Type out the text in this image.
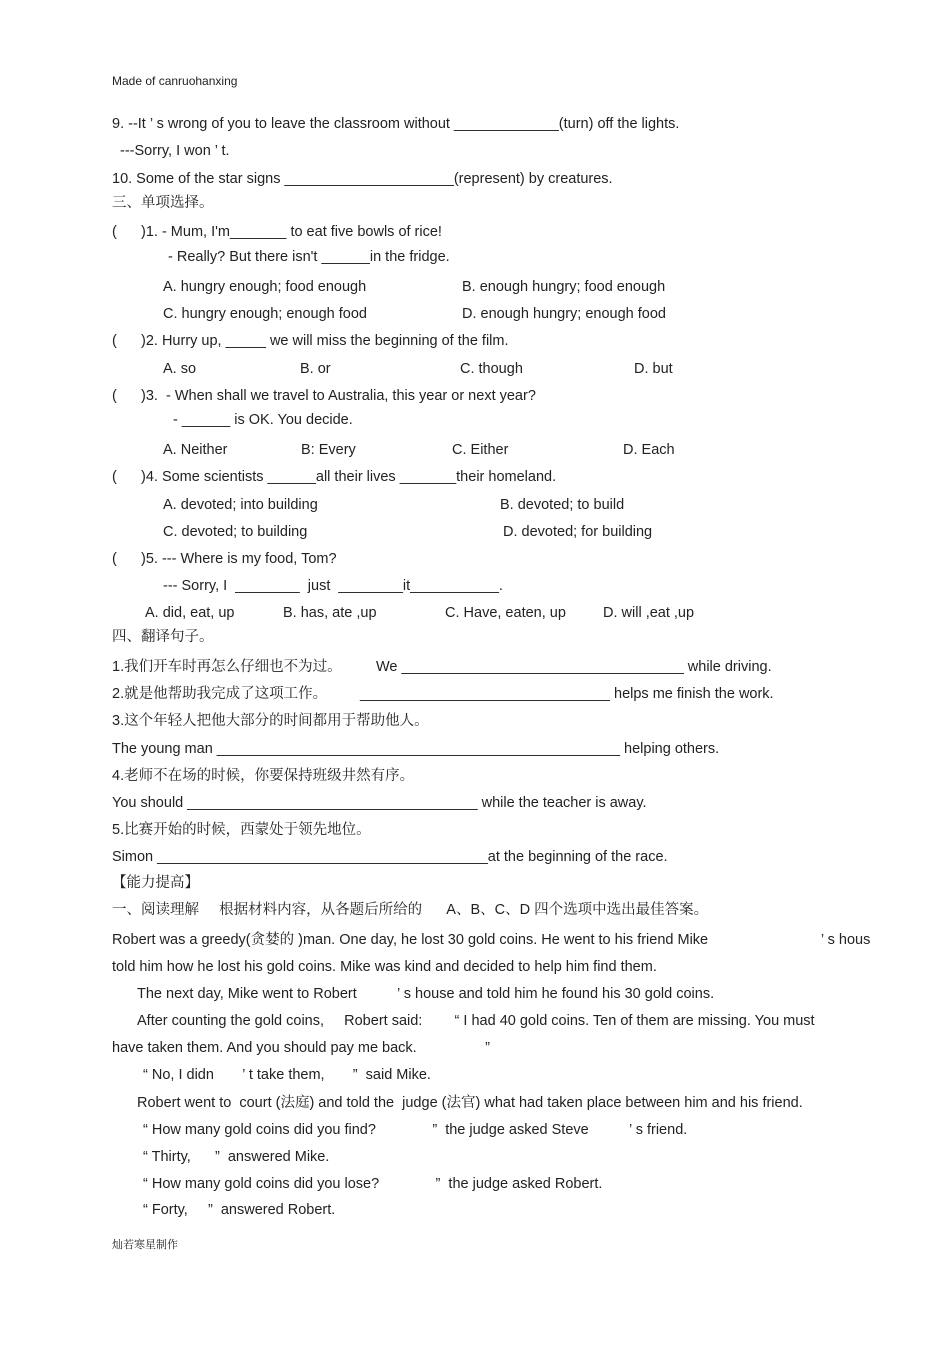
Made of canruohanxing
9. --It ’ s wrong of you to leave the classroom without _____________(turn) off the lights.
---Sorry, I won ’ t.
10. Some of the star signs _____________________(represent) by creatures.
三、单项选择。
(      )1. - Mum, I'm_______ to eat five bowls of rice!
- Really? But there isn't ______in the fridge.
A. hungry enough; food enough	B. enough hungry; food enough
C. hungry enough; enough food	D. enough hungry; enough food
(      )2. Hurry up, _____ we will miss the beginning of the film.
A. so	B. or	C. though	D. but
(      )3.  - When shall we travel to Australia, this year or next year?
- ______ is OK. You decide.
A. Neither	B: Every	C. Either	D. Each
(      )4. Some scientists ______all their lives _______their homeland.
A. devoted; into building	B. devoted; to build
C. devoted; to building	D. devoted; for building
(      )5. --- Where is my food, Tom?
--- Sorry, I  ________  just  ________it___________.
A. did, eat, up	B. has, ate ,up	C. Have, eaten, up	D. will ,eat ,up
四、翻译句子。
1.我们开车时再怎么仔细也不为过。 We ___________________________________ while driving.
2.就是他帮助我完成了这项工作。 _______________________________ helps me finish the work.
3.这个年轻人把他大部分的时间都用于帮助他人。
The young man __________________________________________________ helping others.
4.老师不在场的时候，你要保持班级井然有序。
You should ____________________________________ while the teacher is away.
5.比赛开始的时候，西蒙处于领先地位。
Simon _________________________________________at the beginning of the race.
【能力提高】
一、阅读理解     根据材料内容，从各题后所给的      A、B、C、D 四个选项中选出最佳答案。
Robert was a greedy(贪婪的 )man. One day, he lost 30 gold coins. He went to his friend Mike                            ’ s hous
told him how he lost his gold coins. Mike was kind and decided to help him find them.
The next day, Mike went to Robert          ’ s house and told him he found his 30 gold coins.
After counting the gold coins,     Robert said:        “ I had 40 gold coins. Ten of them are missing. You must
have taken them. And you should pay me back.                 ”
“ No, I didn       ’ t take them,       ”  said Mike.
Robert went to  court (法庭) and told the  judge (法官) what had taken place between him and his friend.
“ How many gold coins did you find?              ”  the judge asked Steve          ’ s friend.
“ Thirty,      ”  answered Mike.
“ How many gold coins did you lose?              ”  the judge asked Robert.
“ Forty,     ”  answered Robert.
灿若寒星制作
